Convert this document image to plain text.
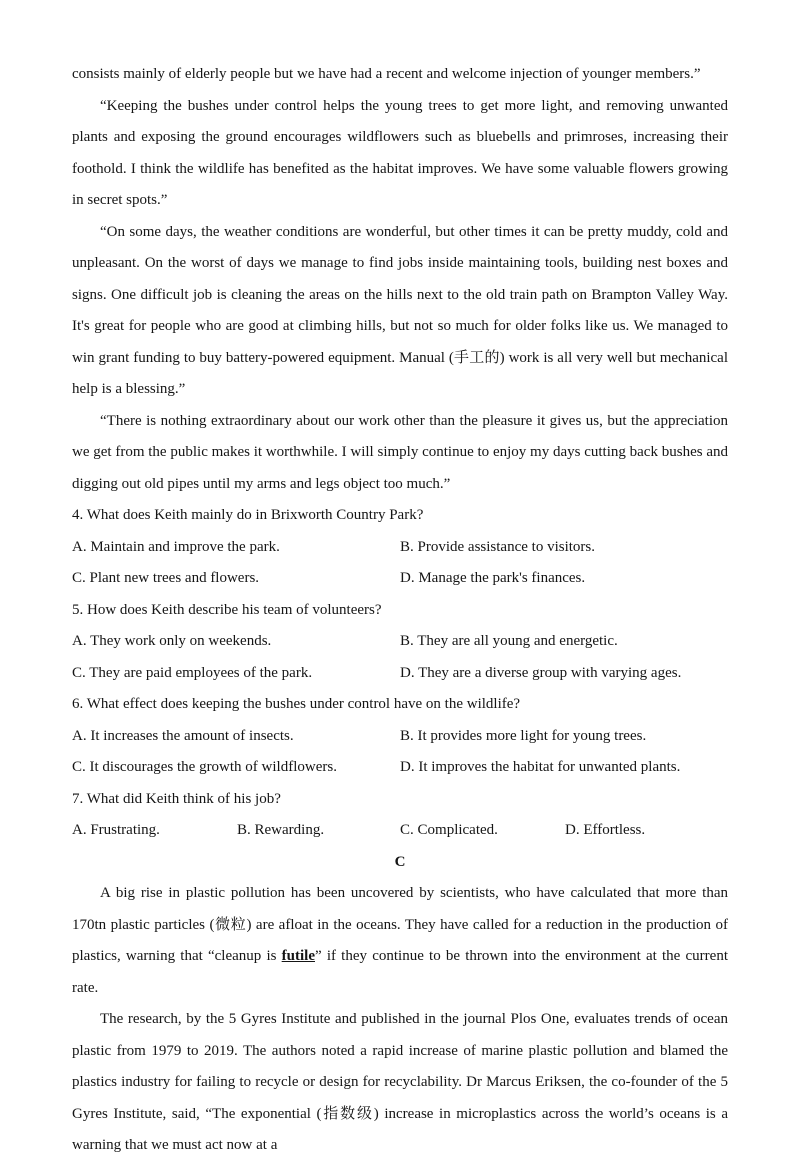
consists mainly of elderly people but we have had a recent and welcome injection of younger members.”

“Keeping the bushes under control helps the young trees to get more light, and removing unwanted plants and exposing the ground encourages wildflowers such as bluebells and primroses, increasing their foothold. I think the wildlife has benefited as the habitat improves. We have some valuable flowers growing in secret spots.”

“On some days, the weather conditions are wonderful, but other times it can be pretty muddy, cold and unpleasant. On the worst of days we manage to find jobs inside maintaining tools, building nest boxes and signs. One difficult job is cleaning the areas on the hills next to the old train path on Brampton Valley Way. It's great for people who are good at climbing hills, but not so much for older folks like us. We managed to win grant funding to buy battery-powered equipment. Manual (手工的) work is all very well but mechanical help is a blessing.”

“There is nothing extraordinary about our work other than the pleasure it gives us, but the appreciation we get from the public makes it worthwhile. I will simply continue to enjoy my days cutting back bushes and digging out old pipes until my arms and legs object too much.”

4. What does Keith mainly do in Brixworth Country Park?

A. Maintain and improve the park.	B. Provide assistance to visitors.
C. Plant new trees and flowers.	D. Manage the park's finances.

5. How does Keith describe his team of volunteers?

A. They work only on weekends.	B. They are all young and energetic.
C. They are paid employees of the park.	D. They are a diverse group with varying ages.

6. What effect does keeping the bushes under control have on the wildlife?

A. It increases the amount of insects.	B. It provides more light for young trees.
C. It discourages the growth of wildflowers.	D. It improves the habitat for unwanted plants.

7. What did Keith think of his job?

A. Frustrating.	B. Rewarding.	C. Complicated.	D. Effortless.

C

A big rise in plastic pollution has been uncovered by scientists, who have calculated that more than 170tn plastic particles (微粒) are afloat in the oceans. They have called for a reduction in the production of plastics, warning that “cleanup is futile” if they continue to be thrown into the environment at the current rate.

The research, by the 5 Gyres Institute and published in the journal Plos One, evaluates trends of ocean plastic from 1979 to 2019. The authors noted a rapid increase of marine plastic pollution and blamed the plastics industry for failing to recycle or design for recyclability. Dr Marcus Eriksen, the co-founder of the 5 Gyres Institute, said, “The exponential (指数级) increase in microplastics across the world’s oceans is a warning that we must act now at a
